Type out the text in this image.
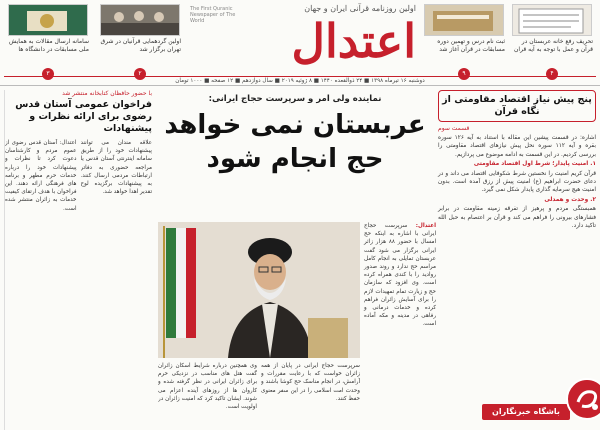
سامانه ارسال مقالات به همایش ملی مسابقات در دانشگاه ها
۳
اولین گردهمایی قرآنیان در شرق تهران برگزار شد
۲
اولین روزنامه قرآنی ایران و جهان
The First Quranic Newspaper of The World	اعتدال	ثبت نام درس و تهمین دوره مسابقات در قرآن آغاز شد
۹
تحریف رفع خانه عربستان در قرآن و عمل با توجه به آیه قران
۴
دوشنبه ۱۶ تیرماه ۱۳۹۸ ■ ۲۴ ذوالقعده ۱۴۴۰ ■ ۸ ژوئیه ۲۰۱۹ ■ سال دوازدهم ■ ۱۲ صفحه ■ ۱۰۰۰ تومان
پنج پیش نیاز اقتصاد مقاومتی از نگاه قرآن
قسمت سوم

اشاره: در قسمت پیشین این مقاله با استناد به آیه ۱۲۶ سوره بقره و آیه ۱۱۲ سوره نحل پیش نیازهای اقتصاد مقاومتی را بررسی کردیم. در این قسمت به ادامه موضوع می پردازیم.

۱. امنیت پایدار؛ شرط اول اقتصاد مقاومتی

قرآن کریم امنیت را نخستین شرط شکوفایی اقتصاد می داند و در دعای حضرت ابراهیم (ع) امنیت پیش از رزق آمده است. بدون امنیت هیچ سرمایه گذاری پایدار شکل نمی گیرد.

۲. وحدت و همدلی

همبستگی مردم و پرهیز از تفرقه زمینه مقاومت در برابر فشارهای بیرونی را فراهم می کند و قرآن بر اعتصام به حبل الله تاکید دارد.

نماینده ولی امر و سرپرست حجاج ایرانی:
عربستان نمی خواهد
حج انجام شود

اعتدال: سرپرست حجاج ایرانی با اشاره به اینکه حج امسال با حضور ۸۸ هزار زائر ایرانی برگزار می شود گفت عربستان تمایلی به انجام کامل مراسم حج ندارد و روند صدور روادید را با کندی همراه کرده است. وی افزود که سازمان حج و زیارت تمام تمهیدات لازم را برای آسایش زائران فراهم کرده و خدمات درمانی و رفاهی در مدینه و مکه آماده است.

وی همچنین درباره شرایط اسکان زائران گفت هتل های مناسب در نزدیکی حرم برای زائران ایرانی در نظر گرفته شده و کاروان ها از روزهای آینده اعزام می شوند. ایشان تاکید کرد که امنیت زائران در اولویت است.
سرپرست حجاج ایرانی در پایان از همه زائران خواست که با رعایت مقررات و آرامش، در انجام مناسک حج کوشا باشند و وحدت امت اسلامی را در این سفر معنوی حفظ کنند.
با حضور حافظان کتابخانه منتشر شد
فراخوان عمومی آستان قدس رضوی برای ارائه نظرات و پیشنهادات
اعتدال: آستان قدس رضوی از عموم مردم و کارشناسان دعوت کرد تا نظرات و پیشنهادات خود را درباره خدمات حرم مطهر و برنامه های فرهنگی ارائه دهند. این فراخوان با هدف ارتقای کیفیت خدمات به زائران منتشر شده است.
علاقه مندان می توانند پیشنهادات خود را از طریق سامانه اینترنتی آستان قدس یا مراجعه حضوری به دفاتر ارتباطات مردمی ارسال کنند. به پیشنهادات برگزیده لوح تقدیر اهدا خواهد شد.
باشگاه خبرنگاران
